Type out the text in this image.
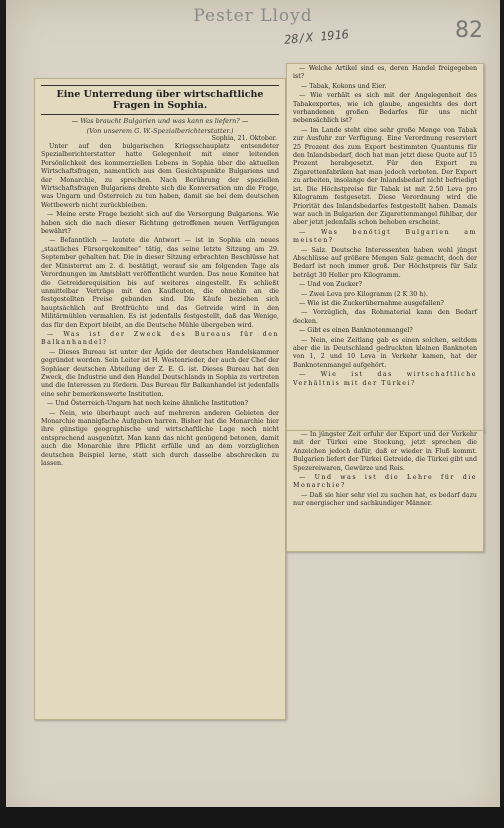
Pester Lloyd
28/X 1916	82
Eine Unterredung über wirtschaftliche Fragen in Sophia.
— Was braucht Bulgarien und was kann es liefern? —
(Von unserem G. W.-Spezialberichterstatter.)
Sophia, 21. Oktober.
Unter auf den bulgarischen Kriegsschauplatz entsendeter Spezialberichterstatter hatte Gelegenheit mit einer leitenden Persönlichkeit des kommerziellen Lebens in Sophia über die aktuellen Wirtschaftsfragen, namentlich aus dem Gesichtspunkte Bulgariens und der Monarchie, zu sprechen. Nach Berührung der speziellen Wirtschaftsfragen Bulgariens drehte sich die Konversation um die Frage, was Ungarn und Österreich zu tun haben, damit sie bei dem deutschen Wettbewerb nicht zurückbleiben.
— Meine erste Frage bezieht sich auf die Versorgung Bulgariens. Wie haben sich die nach dieser Richtung getroffenen neuen Verfügungen bewährt?
— Befanntlich — lautete die Antwort — ist in Sophia ein neues „staatliches Fürsorgekomitee“ tätig, das seine letzte Sitzung am 29. September gehalten hat. Die in dieser Sitzung erbrachten Beschlüsse hat der Ministerrat am 2. d. bestätigt, worauf sie am folgenden Tage als Verordnungen im Amtsblatt veröffentlicht wurden. Das neue Komitee hat die Getreiderequisition bis auf weiteres eingestellt. Es schließt unmittelbar Verträge mit den Kaufleuten, die ohnehin an die festgestellten Preise gebunden sind. Die Käufe beziehen sich hauptsächlich auf Brotfrüchte und das Getreide wird in den Militärmühlen vermahlen. Es ist jedenfalls festgestellt, daß das Wenige, das für den Export bleibt, an die Deutsche Mühle übergeben wird.
— Was ist der Zweck des Bureaus für den Balkanhandel?
— Dieses Bureau ist unter der Ägide der deutschen Handelskammer gegründet worden. Sein Leiter ist H. Westenrieder, der auch der Chef der Sophiaer deutschen Abteilung der Z. E. G. ist. Dieses Bureau hat den Zweck, die Industrie und den Handel Deutschlands in Sophia zu vertreten und die Interessen zu fördern. Das Bureau für Balkanhandel ist jedenfalls eine sehr bemerkenswerte Institution.
— Und Österreich-Ungarn hat noch keine ähnliche Institution?
— Nein, wie überhaupt auch auf mehreren anderen Gebieten der Monarchie mannigfache Aufgaben harren. Bisher hat die Monarchie hier ihre günstige geographische und wirtschaftliche Lage noch nicht entsprechend ausgenützt. Man kann das nicht genügend betonen, damit auch die Monarchie ihre Pflicht erfülle und an dem vorzüglichen deutschen Beispiel lerne, statt sich durch dasselbe abschrecken zu lassen.
— Welche Artikel sind es, deren Handel freigegeben ist?
— Tabak, Kokons und Eier.
— Wie verhält es sich mit der Angelegenheit des Tabakexportes, wie ich glaube, angesichts des dort vorhandenen großen Bedarfes für uns nicht nebensächlich ist?
— Im Lande steht eine sehr große Menge von Tabak zur Ausfuhr zur Verfügung. Eine Verordnung reserviert 25 Prozent des zum Export bestimmten Quantums für den Inlandsbedarf, doch hat man jetzt diese Quote auf 15 Prozent herabgesetzt. Für den Export zu Zigarettenfabriken hat man jedoch verboten. Der Export zu arbeiten, insolange der Inlandsbedarf nicht befriedigt ist. Die Höchstpreise für Tabak ist mit 2.50 Leva pro Kilogramm festgesetzt. Diese Verordnung wird die Priorität des Inlandsbedarfes festgestellt haben. Damals war auch in Bulgarien der Zigarettenmangel fühlbar, der aber jetzt jedenfalls schon behoben erscheint.
— Was benötigt Bulgarien am meisten?
— Salz. Deutsche Interessenten haben wohl jüngst Abschlüsse auf größere Mengen Salz gemacht, doch der Bedarf ist noch immer groß. Der Höchstpreis für Salz beträgt 30 Heller pro Kilogramm.
— Und von Zucker?
— Zwei Leva pro Kilogramm (2 K 30 h).
— Wie ist die Zuckerübernahme ausgefallen?
— Vorzüglich, das Rohmaterial kann den Bedarf decken.
— Gibt es einen Banknotenmangel?
— Nein, eine Zeitlang gab es einen solchen, seitdem aber die in Deutschland gedruckten kleinen Banknoten von 1, 2 und 10 Leva in Verkehr kamen, hat der Banknotenmangel aufgehört.
— Wie ist das wirtschaftliche Verhältnis mit der Türkei?
— In jüngster Zeit erfuhr der Export und der Verkehr mit der Türkei eine Stockung, jetzt sprechen die Anzeichen jedoch dafür, daß er wieder in Fluß kommt. Bulgarien liefert der Türkei Getreide, die Türkei gibt und Spezereiwaren, Gewürze und Reis.
— Und was ist die Lehre für die Monarchie?
— Daß sie hier sehr viel zu suchen hat, es bedarf dazu nur energischer und sachkundiger Männer.
